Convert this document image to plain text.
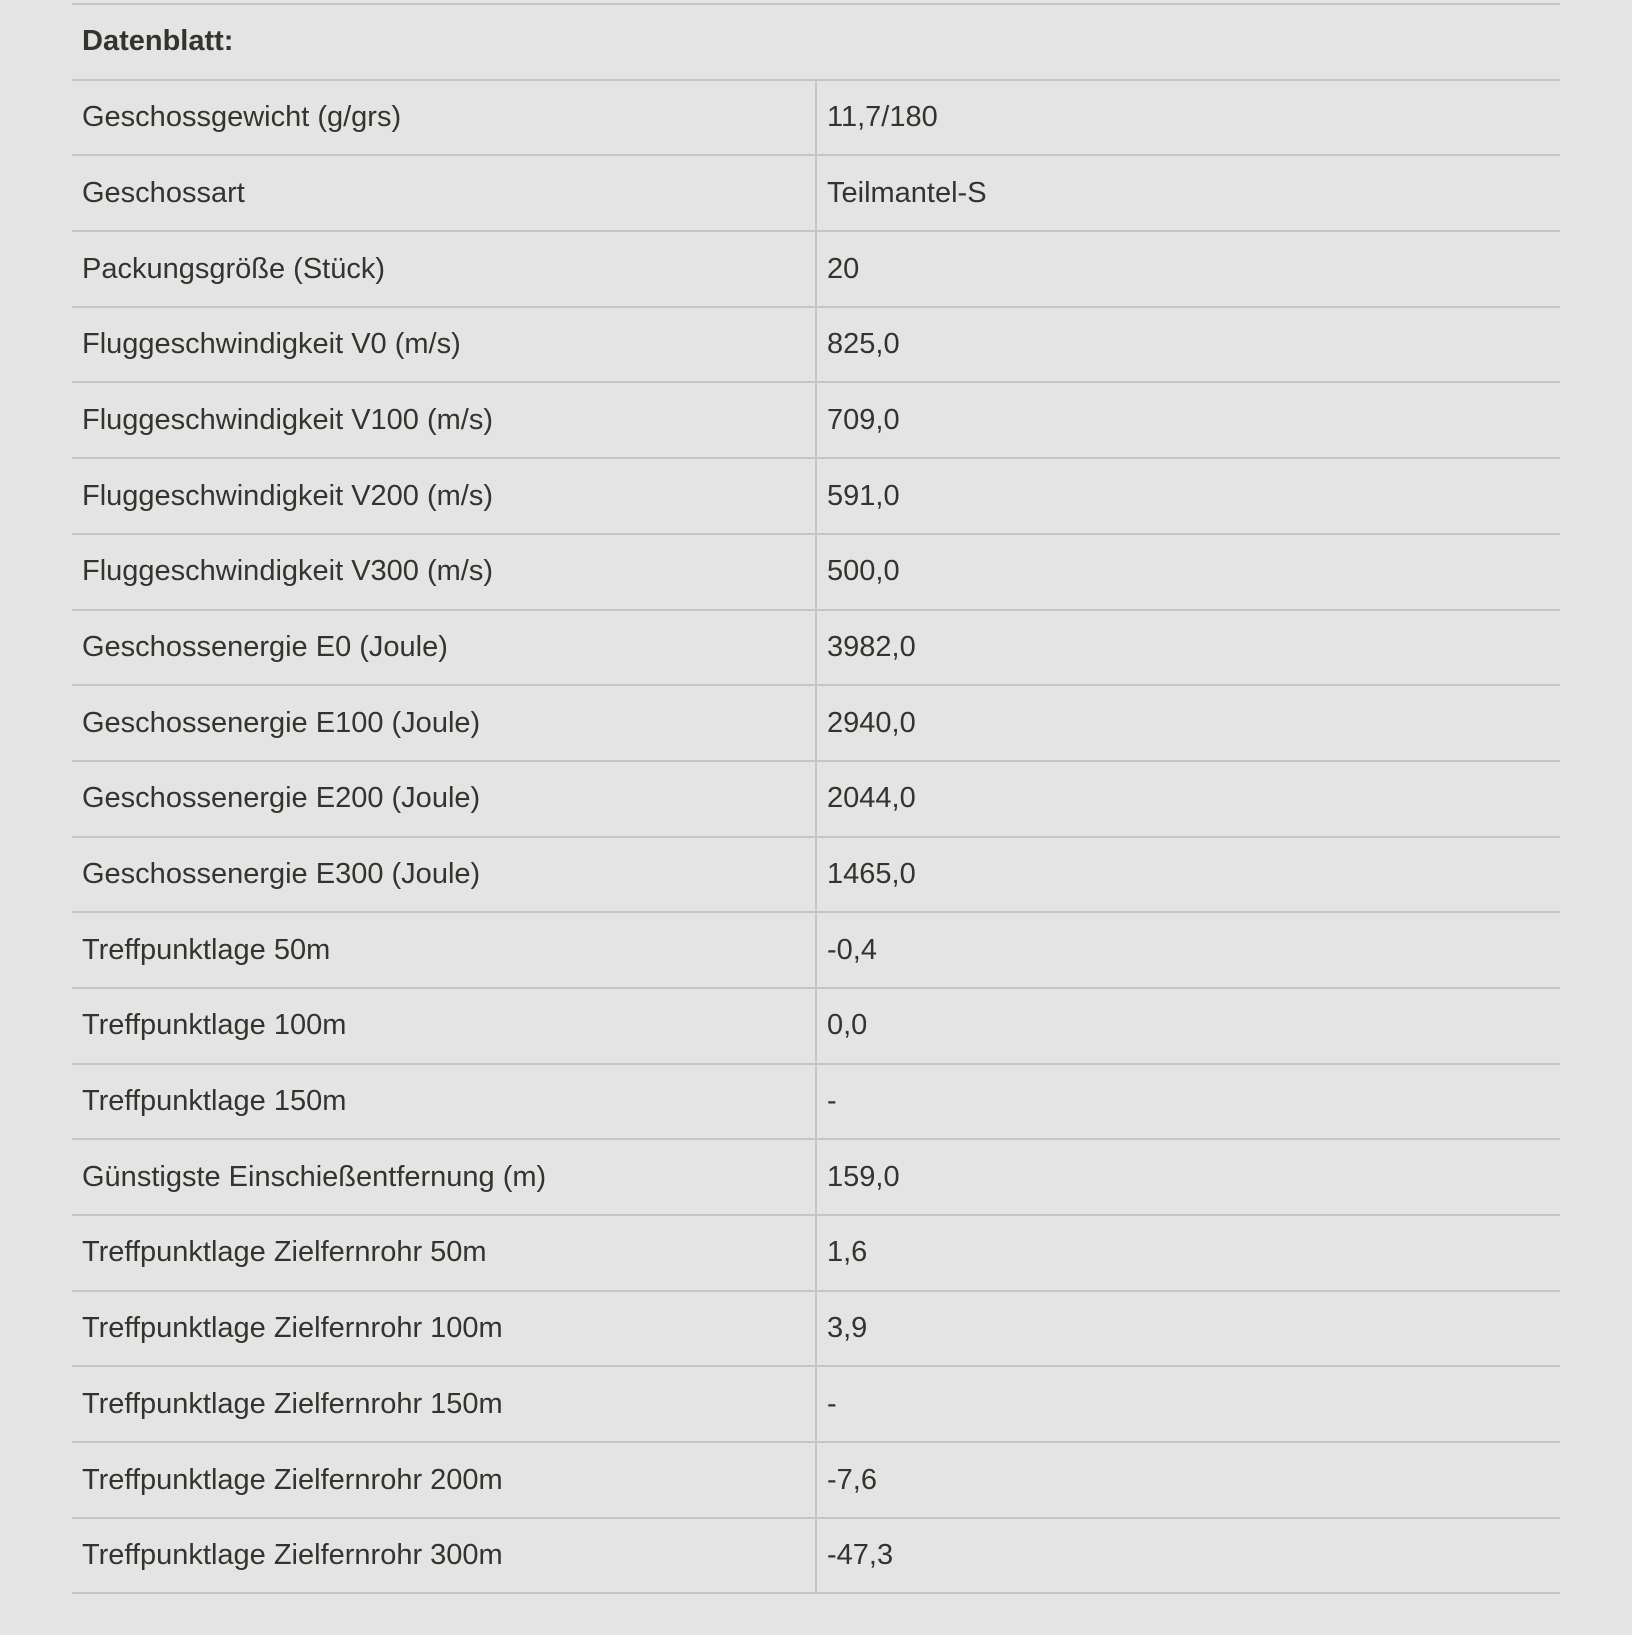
Datenblatt:	
Geschossgewicht (g/grs)	11,7/180
Geschossart	Teilmantel-S
Packungsgröße (Stück)	20
Fluggeschwindigkeit V0 (m/s)	825,0
Fluggeschwindigkeit V100 (m/s)	709,0
Fluggeschwindigkeit V200 (m/s)	591,0
Fluggeschwindigkeit V300 (m/s)	500,0
Geschossenergie E0 (Joule)	3982,0
Geschossenergie E100 (Joule)	2940,0
Geschossenergie E200 (Joule)	2044,0
Geschossenergie E300 (Joule)	1465,0
Treffpunktlage 50m	-0,4
Treffpunktlage 100m	0,0
Treffpunktlage 150m	-
Günstigste Einschießentfernung (m)	159,0
Treffpunktlage Zielfernrohr 50m	1,6
Treffpunktlage Zielfernrohr 100m	3,9
Treffpunktlage Zielfernrohr 150m	-
Treffpunktlage Zielfernrohr 200m	-7,6
Treffpunktlage Zielfernrohr 300m	-47,3
